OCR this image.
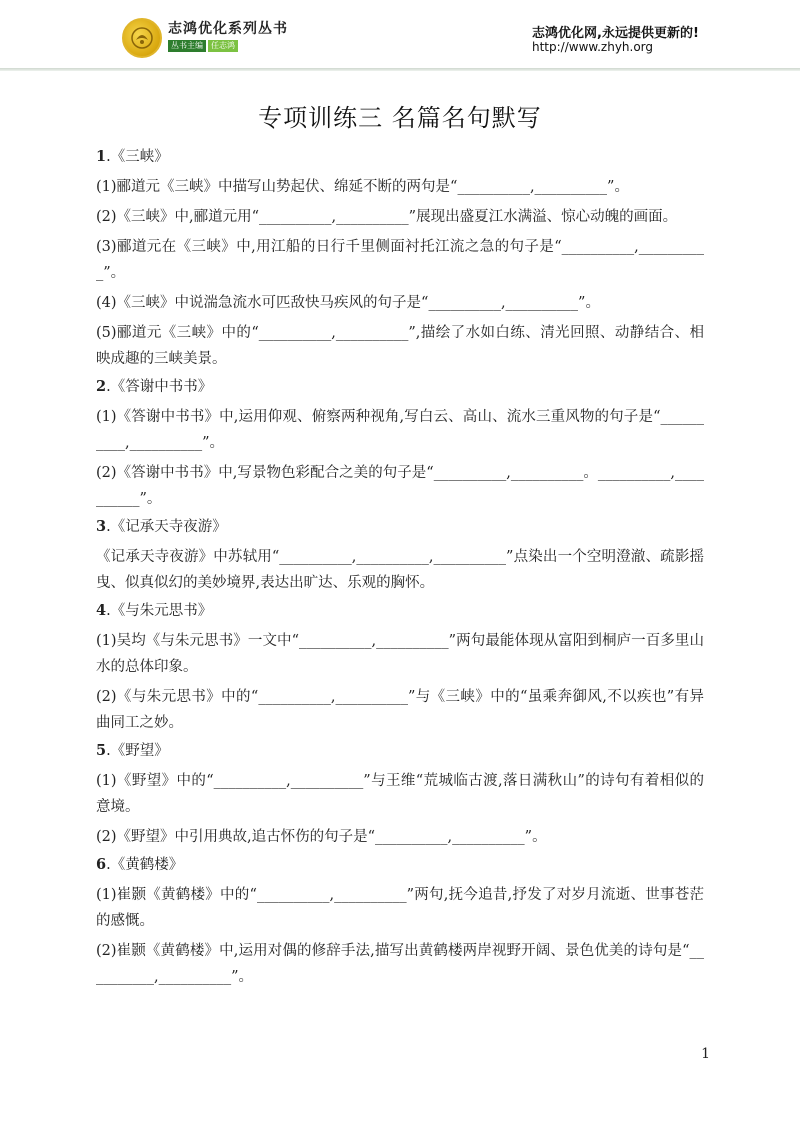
志鸿优化系列丛书
丛书主编	任志鸿
志鸿优化网,永远提供更新的!
http://www.zhyh.org
专项训练三 名篇名句默写

1.《三峡》

(1)郦道元《三峡》中描写山势起伏、绵延不断的两句是“__________,__________”。

(2)《三峡》中,郦道元用“__________,__________”展现出盛夏江水满溢、惊心动魄的画面。

(3)郦道元在《三峡》中,用江船的日行千里侧面衬托江流之急的句子是“__________,__________”。

(4)《三峡》中说湍急流水可匹敌快马疾风的句子是“__________,__________”。

(5)郦道元《三峡》中的“__________,__________”,描绘了水如白练、清光回照、动静结合、相映成趣的三峡美景。

2.《答谢中书书》

(1)《答谢中书书》中,运用仰观、俯察两种视角,写白云、高山、流水三重风物的句子是“__________,__________”。

(2)《答谢中书书》中,写景物色彩配合之美的句子是“__________,__________。__________,__________”。

3.《记承天寺夜游》

《记承天寺夜游》中苏轼用“__________,__________,__________”点染出一个空明澄澈、疏影摇曳、似真似幻的美妙境界,表达出旷达、乐观的胸怀。

4.《与朱元思书》

(1)吴均《与朱元思书》一文中“__________,__________”两句最能体现从富阳到桐庐一百多里山水的总体印象。

(2)《与朱元思书》中的“__________,__________”与《三峡》中的“虽乘奔御风,不以疾也”有异曲同工之妙。

5.《野望》

(1)《野望》中的“__________,__________”与王维“荒城临古渡,落日满秋山”的诗句有着相似的意境。

(2)《野望》中引用典故,追古怀伤的句子是“__________,__________”。

6.《黄鹤楼》

(1)崔颢《黄鹤楼》中的“__________,__________”两句,抚今追昔,抒发了对岁月流逝、世事苍茫的感慨。

(2)崔颢《黄鹤楼》中,运用对偶的修辞手法,描写出黄鹤楼两岸视野开阔、景色优美的诗句是“__________,__________”。

1
